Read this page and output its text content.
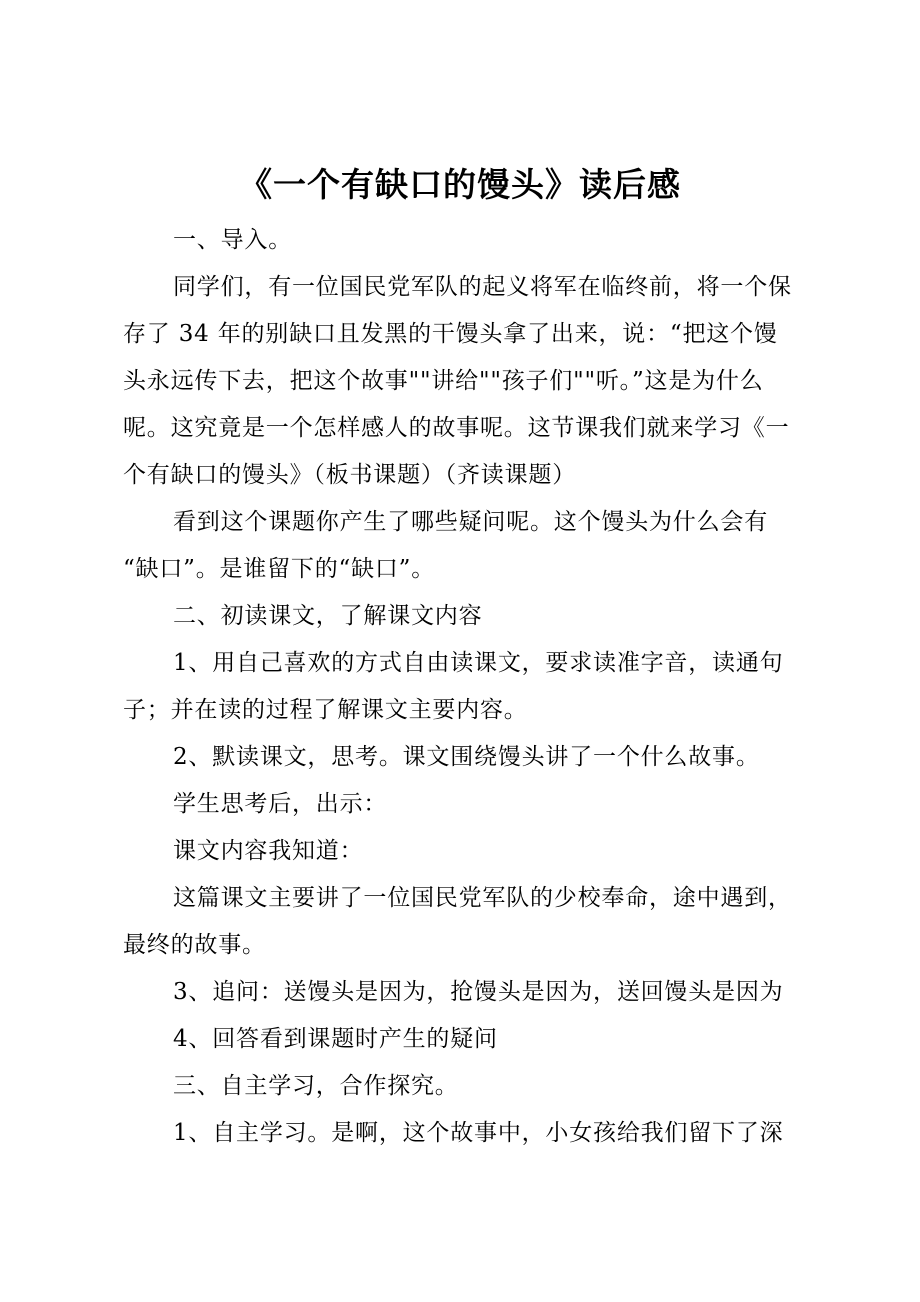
《一个有缺口的馒头》读后感
一、导入。
同学们，有一位国民党军队的起义将军在临终前，将一个保
存了 34 年的别缺口且发黑的干馒头拿了出来，说：“把这个馒
头永远传下去，把这个故事""讲给""孩子们""听。”这是为什么
呢。这究竟是一个怎样感人的故事呢。这节课我们就来学习《一
个有缺口的馒头》（板书课题）（齐读课题）
看到这个课题你产生了哪些疑问呢。这个馒头为什么会有
“缺口”。是谁留下的“缺口”。
二、初读课文，了解课文内容
1、用自己喜欢的方式自由读课文，要求读准字音，读通句
子；并在读的过程了解课文主要内容。
2、默读课文，思考。课文围绕馒头讲了一个什么故事。
学生思考后，出示：
课文内容我知道：
这篇课文主要讲了一位国民党军队的少校奉命，途中遇到，
最终的故事。
3、追问：送馒头是因为，抢馒头是因为，送回馒头是因为
4、回答看到课题时产生的疑问
三、自主学习，合作探究。
1、自主学习。是啊，这个故事中，小女孩给我们留下了深
